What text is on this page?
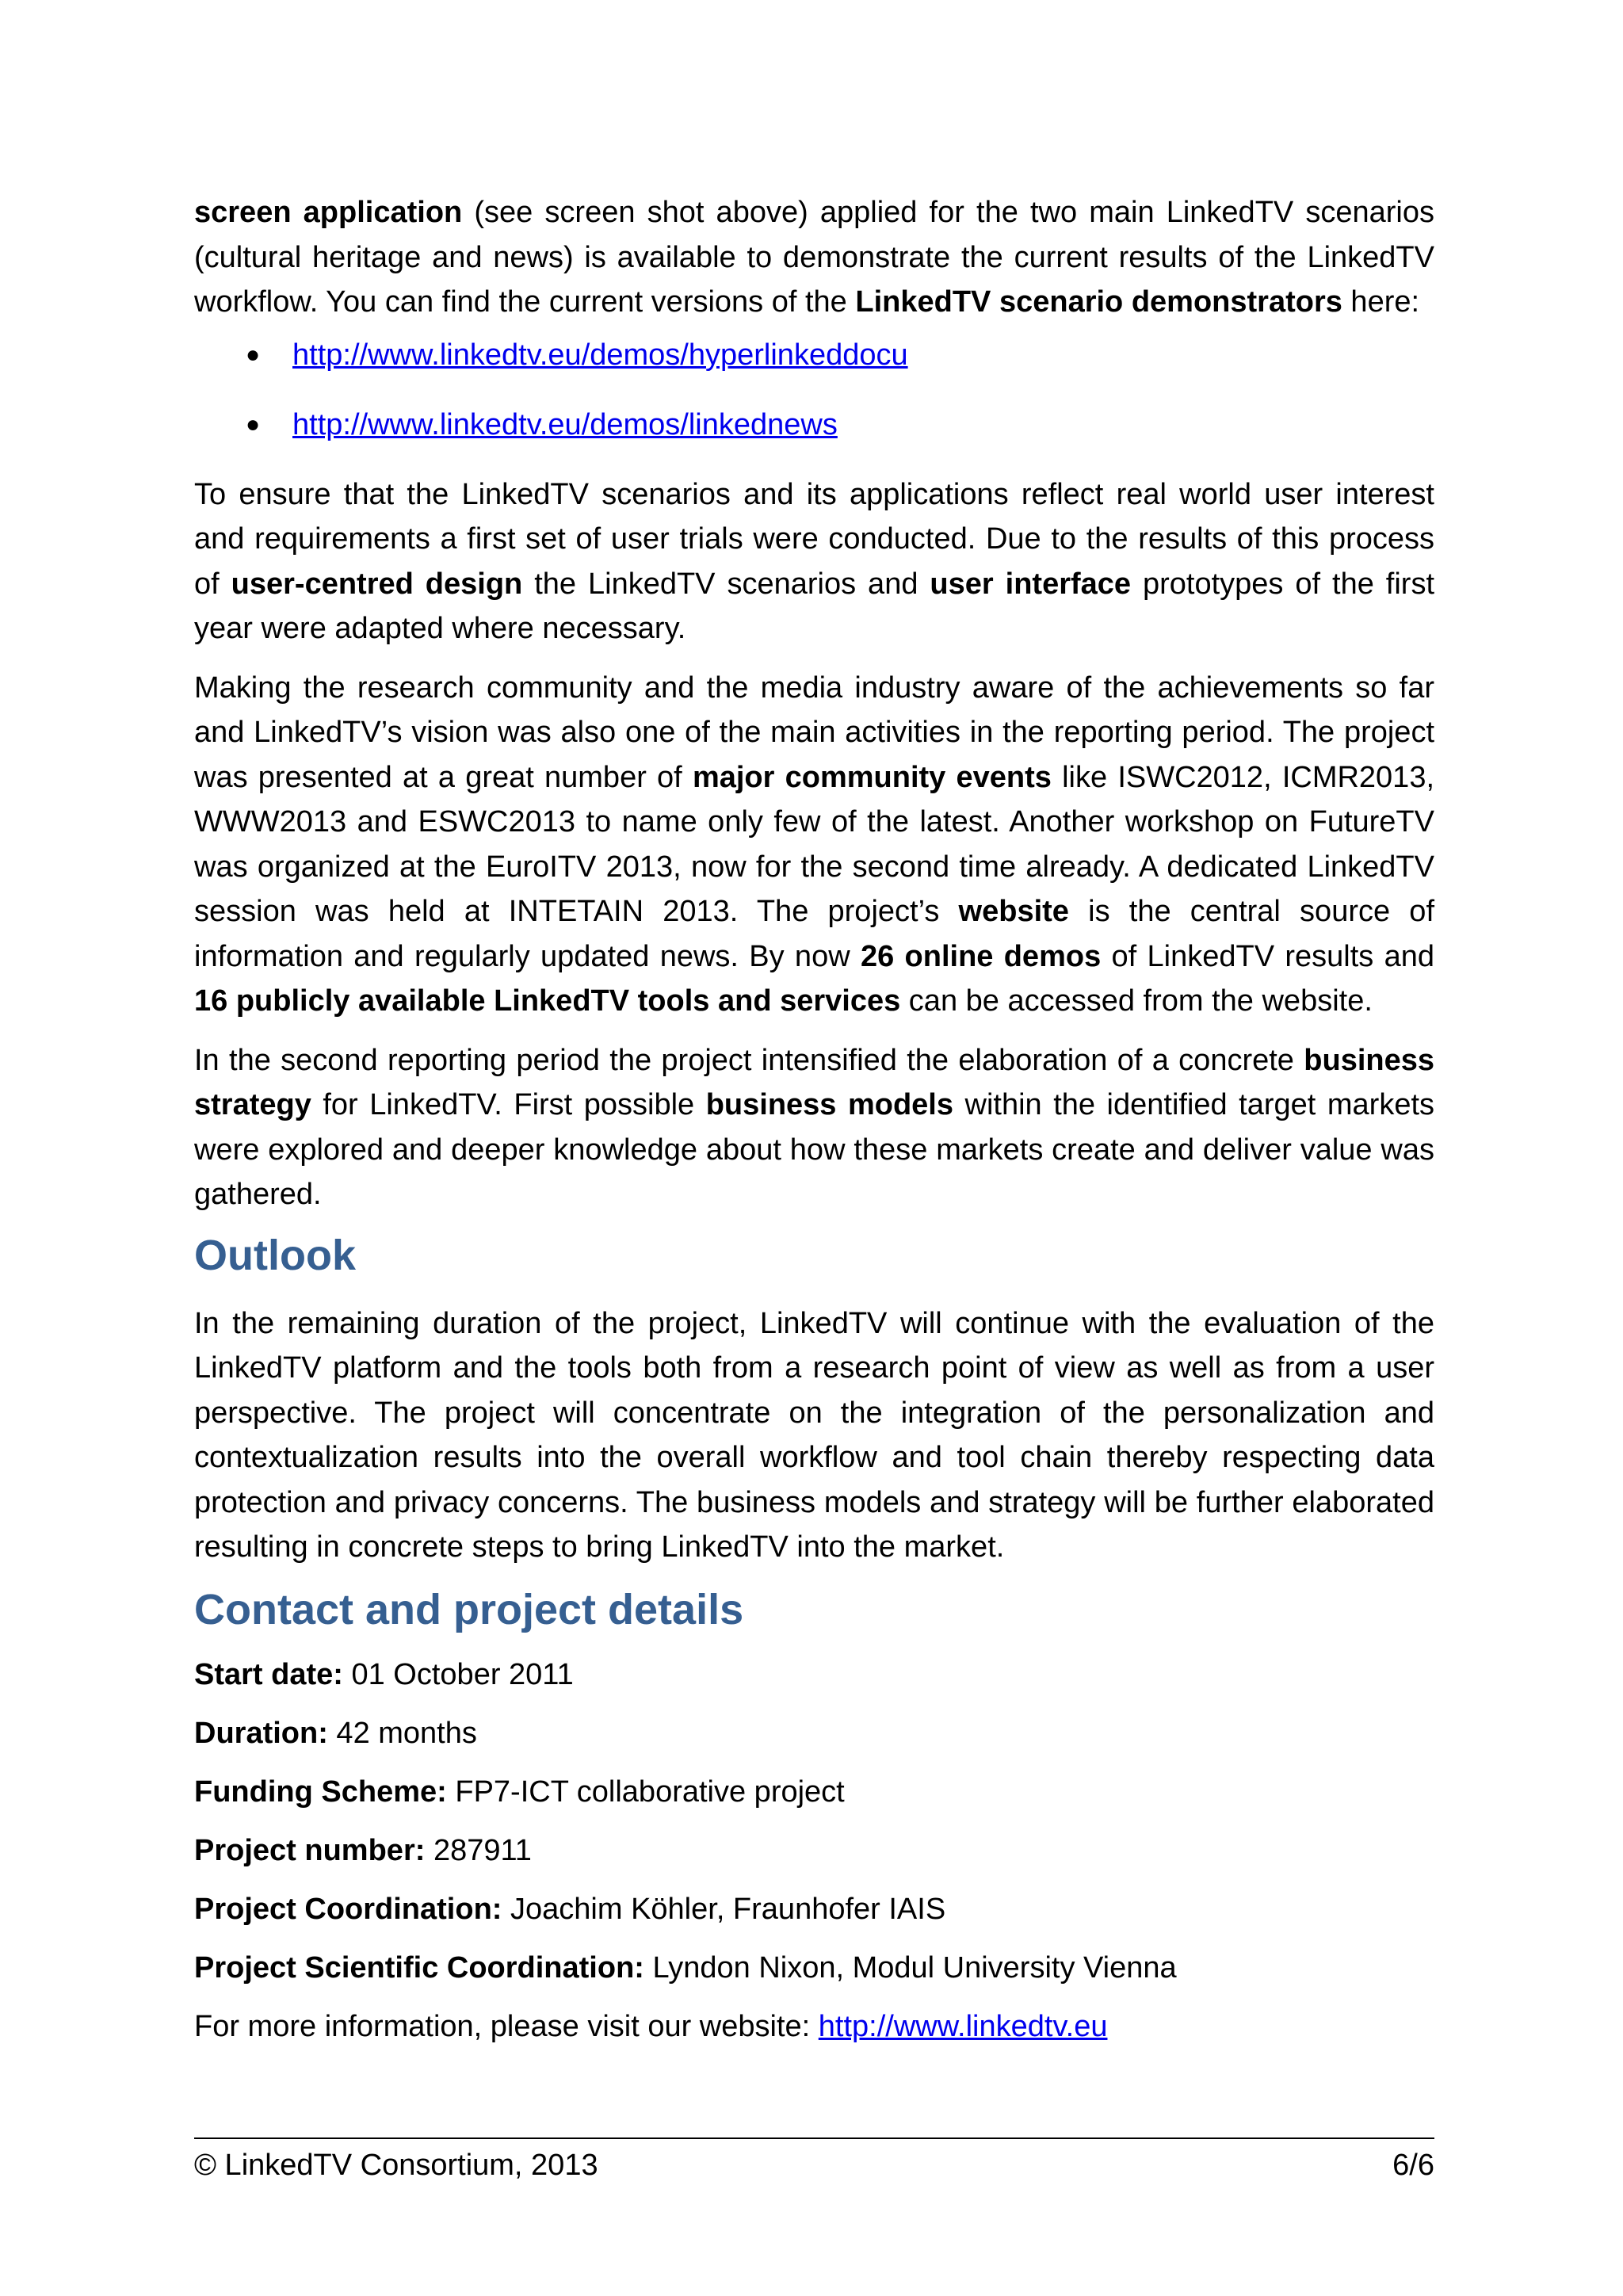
screen application (see screen shot above) applied for the two main LinkedTV scenarios (cultural heritage and news) is available to demonstrate the current results of the LinkedTV workflow. You can find the current versions of the LinkedTV scenario demonstrators here:

● http://www.linkedtv.eu/demos/hyperlinkeddocu
● http://www.linkedtv.eu/demos/linkednews

To ensure that the LinkedTV scenarios and its applications reflect real world user interest and requirements a first set of user trials were conducted. Due to the results of this process of user-centred design the LinkedTV scenarios and user interface prototypes of the first year were adapted where necessary.

Making the research community and the media industry aware of the achievements so far and LinkedTV’s vision was also one of the main activities in the reporting period. The project was presented at a great number of major community events like ISWC2012, ICMR2013, WWW2013 and ESWC2013 to name only few of the latest. Another workshop on FutureTV was organized at the EuroITV 2013, now for the second time already. A dedicated LinkedTV session was held at INTETAIN 2013. The project’s website is the central source of information and regularly updated news. By now 26 online demos of LinkedTV results and 16 publicly available LinkedTV tools and services can be accessed from the website.

In the second reporting period the project intensified the elaboration of a concrete business strategy for LinkedTV. First possible business models within the identified target markets were explored and deeper knowledge about how these markets create and deliver value was gathered.

Outlook

In the remaining duration of the project, LinkedTV will continue with the evaluation of the LinkedTV platform and the tools both from a research point of view as well as from a user perspective. The project will concentrate on the integration of the personalization and contextualization results into the overall workflow and tool chain thereby respecting data protection and privacy concerns. The business models and strategy will be further elaborated resulting in concrete steps to bring LinkedTV into the market.

Contact and project details
Start date: 01 October 2011
Duration: 42 months
Funding Scheme: FP7-ICT collaborative project
Project number: 287911
Project Coordination: Joachim Köhler, Fraunhofer IAIS
Project Scientific Coordination: Lyndon Nixon, Modul University Vienna
For more information, please visit our website: http://www.linkedtv.eu
© LinkedTV Consortium, 2013	6/6
